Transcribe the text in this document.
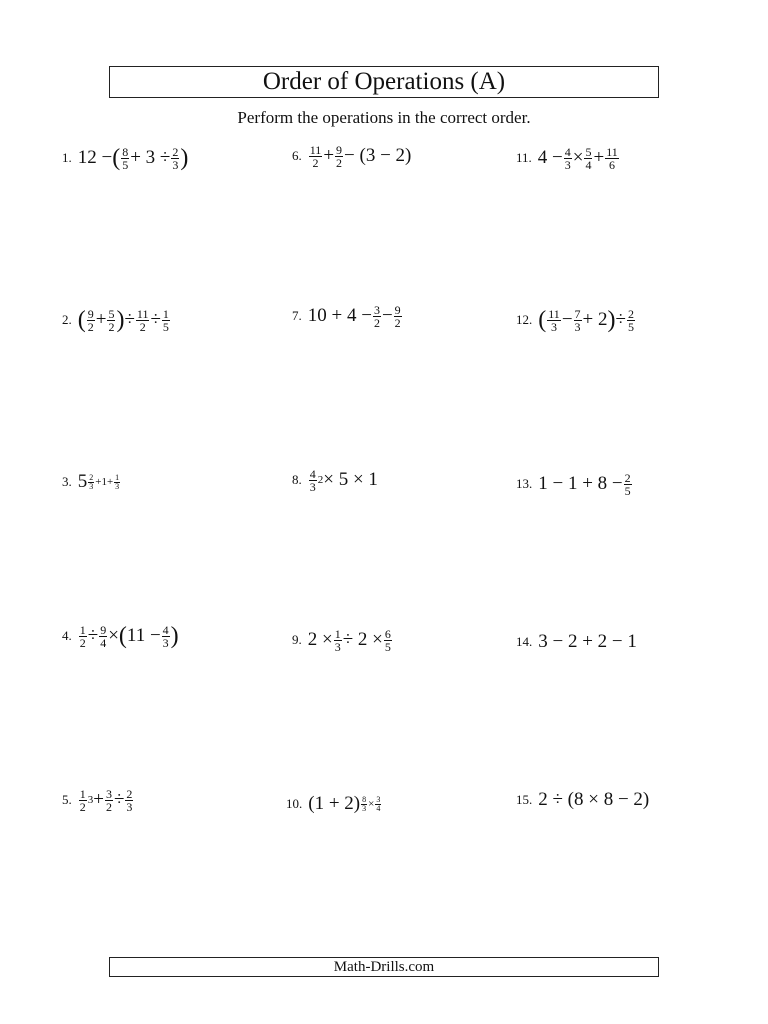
Order of Operations (A)
Perform the operations in the correct order.
1. 12 − ( $\frac{8}{5} + 3 \div \frac{2}{3}$ )
2. ( $\frac{9}{2} + \frac{5}{2}$ ) ÷ $\frac{11}{2} \div \frac{1}{5}$
3. $5 \frac{2}{3} +1+ \frac{1}{3}$
4. $\frac{1}{2} \div \frac{9}{4}$ × ( $11 - \frac{4}{3}$ )
5. $\frac{1}{2} 3 + \frac{3}{2} \div \frac{2}{3}$
6. $\frac{11}{2} + \frac{9}{2} - (3 - 2)$
7. $10 + 4 - \frac{3}{2} - \frac{9}{2}$
8. $\frac{4}{3} 2 \times 5 \times 1$
9. $2 \times \frac{1}{3} \div 2 \times \frac{6}{5}$
10. $(1 + 2) \frac{8}{3} \times \frac{3}{4}$
11. $4 - \frac{4}{3} \times \frac{5}{4} + \frac{11}{6}$
12. ( $\frac{11}{3} - \frac{7}{3} + 2$ ) ÷ $\frac{2}{5}$
13. $1 - 1 + 8 - \frac{2}{5}$
14. 3 − 2 + 2 − 1
15. 2 ÷ (8 × 8 − 2)
Math-Drills.com
